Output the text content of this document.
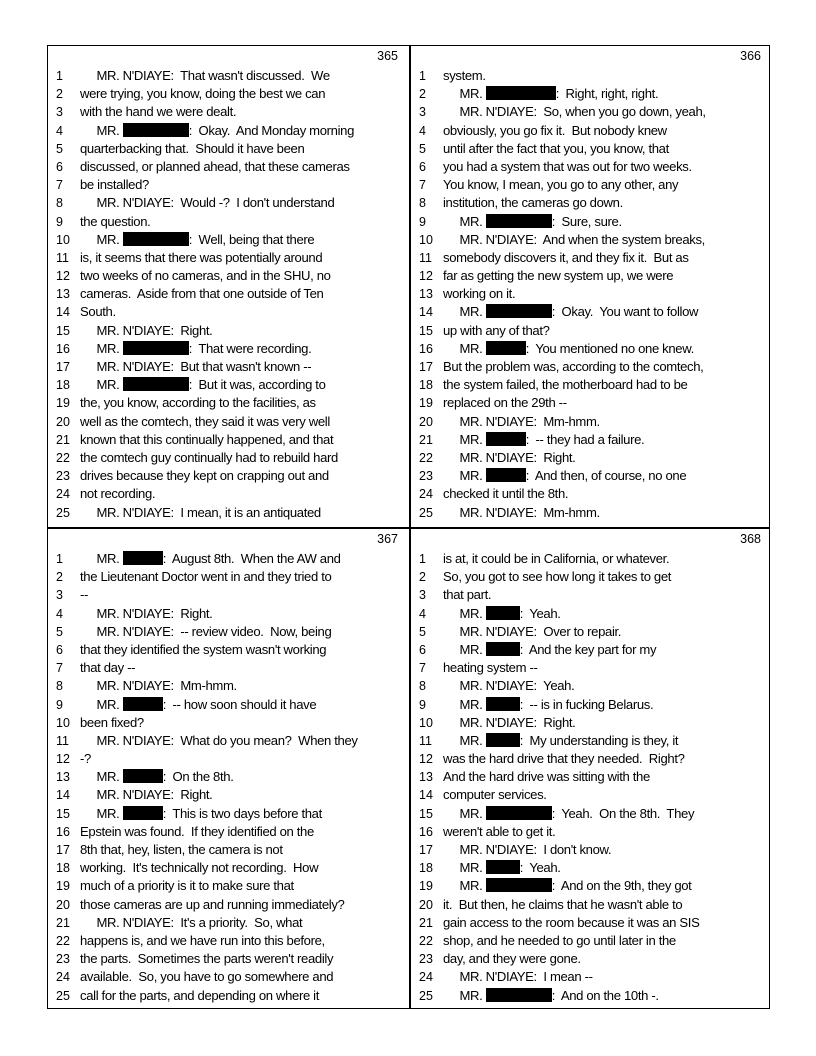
365
1	MR. N'DIAYE:  That wasn't discussed.  We
2	were trying, you know, doing the best we can
3	with the hand we were dealt.
4	MR.	:  Okay.  And Monday morning
5	quarterbacking that.  Should it have been
6	discussed, or planned ahead, that these cameras
7	be installed?
8	MR. N'DIAYE:  Would -?  I don't understand
9	the question.
10 MR.	:  Well, being that there
11 is, it seems that there was potentially around
12 two weeks of no cameras, and in the SHU, no
13 cameras.  Aside from that one outside of Ten
14 South.
15 MR. N'DIAYE:  Right.
16 MR.	:  That were recording.
17 MR. N'DIAYE:  But that wasn't known --
18 MR.	:  But it was, according to
19 the, you know, according to the facilities, as
20 well as the comtech, they said it was very well
21 known that this continually happened, and that
22 the comtech guy continually had to rebuild hard
23 drives because they kept on crapping out and
24 not recording.
25 MR. N'DIAYE:  I mean, it is an antiquated
366
1	system.
2	MR.	:  Right, right, right.
3	MR. N'DIAYE:  So, when you go down, yeah,
4	obviously, you go fix it.  But nobody knew
5	until after the fact that you, you know, that
6	you had a system that was out for two weeks.
7	You know, I mean, you go to any other, any
8	institution, the cameras go down.
9	MR.	:  Sure, sure.
10 MR. N'DIAYE:  And when the system breaks,
11 somebody discovers it, and they fix it.  But as
12 far as getting the new system up, we were
13 working on it.
14 MR.	:  Okay.  You want to follow
15 up with any of that?
16 MR.	:  You mentioned no one knew.
17 But the problem was, according to the comtech,
18 the system failed, the motherboard had to be
19 replaced on the 29th --
20 MR. N'DIAYE:  Mm-hmm.
21 MR.	:  -- they had a failure.
22 MR. N'DIAYE:  Right.
23 MR.	:  And then, of course, no one
24 checked it until the 8th.
25 MR. N'DIAYE:  Mm-hmm.
367
1	MR.	:  August 8th.  When the AW and
2	the Lieutenant Doctor went in and they tried to
3	--
4	MR. N'DIAYE:  Right.
5	MR. N'DIAYE:  -- review video.  Now, being
6	that they identified the system wasn't working
7	that day --
8	MR. N'DIAYE:  Mm-hmm.
9	MR.	:  -- how soon should it have
10 been fixed?
11 MR. N'DIAYE:  What do you mean?  When they
12 -?
13 MR.	:  On the 8th.
14 MR. N'DIAYE:  Right.
15 MR.	:  This is two days before that
16 Epstein was found.  If they identified on the
17 8th that, hey, listen, the camera is not
18 working.  It's technically not recording.  How
19 much of a priority is it to make sure that
20 those cameras are up and running immediately?
21 MR. N'DIAYE:  It's a priority.  So, what
22 happens is, and we have run into this before,
23 the parts.  Sometimes the parts weren't readily
24 available.  So, you have to go somewhere and
25 call for the parts, and depending on where it
368
1	is at, it could be in California, or whatever.
2	So, you got to see how long it takes to get
3	that part.
4	MR.	:  Yeah.
5	MR. N'DIAYE:  Over to repair.
6	MR.	:  And the key part for my
7	heating system --
8	MR. N'DIAYE:  Yeah.
9	MR.	:  -- is in fucking Belarus.
10 MR. N'DIAYE:  Right.
11 MR.	:  My understanding is they, it
12 was the hard drive that they needed.  Right?
13 And the hard drive was sitting with the
14 computer services.
15 MR.	:  Yeah.  On the 8th.  They
16 weren't able to get it.
17 MR. N'DIAYE:  I don't know.
18 MR.	:  Yeah.
19 MR.	:  And on the 9th, they got
20 it.  But then, he claims that he wasn't able to
21 gain access to the room because it was an SIS
22 shop, and he needed to go until later in the
23 day, and they were gone.
24 MR. N'DIAYE:  I mean --
25 MR.	:  And on the 10th -.
